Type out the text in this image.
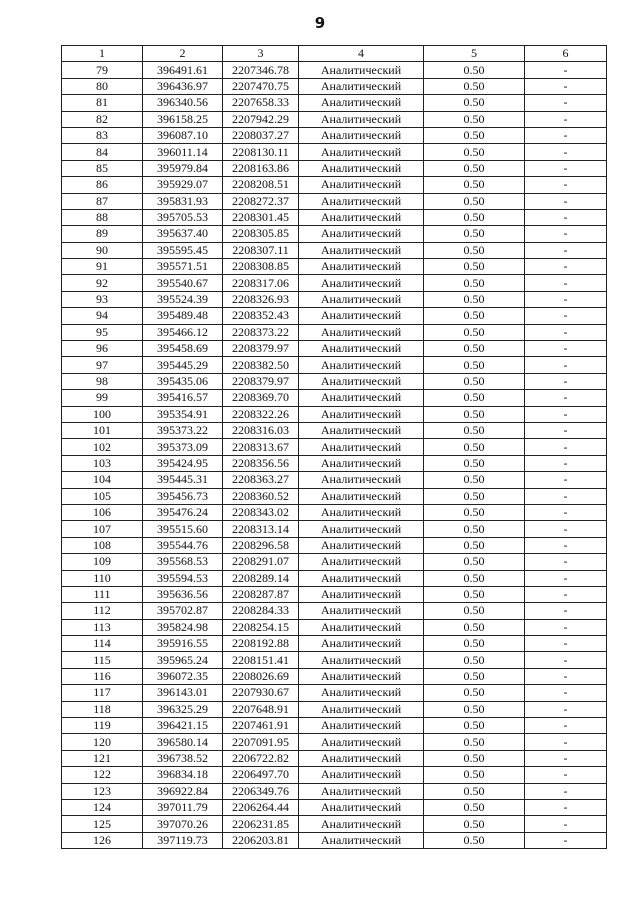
9
1	2	3	4	5	6
79	396491.61	2207346.78	Аналитический	0.50	-
80	396436.97	2207470.75	Аналитический	0.50	-
81	396340.56	2207658.33	Аналитический	0.50	-
82	396158.25	2207942.29	Аналитический	0.50	-
83	396087.10	2208037.27	Аналитический	0.50	-
84	396011.14	2208130.11	Аналитический	0.50	-
85	395979.84	2208163.86	Аналитический	0.50	-
86	395929.07	2208208.51	Аналитический	0.50	-
87	395831.93	2208272.37	Аналитический	0.50	-
88	395705.53	2208301.45	Аналитический	0.50	-
89	395637.40	2208305.85	Аналитический	0.50	-
90	395595.45	2208307.11	Аналитический	0.50	-
91	395571.51	2208308.85	Аналитический	0.50	-
92	395540.67	2208317.06	Аналитический	0.50	-
93	395524.39	2208326.93	Аналитический	0.50	-
94	395489.48	2208352.43	Аналитический	0.50	-
95	395466.12	2208373.22	Аналитический	0.50	-
96	395458.69	2208379.97	Аналитический	0.50	-
97	395445.29	2208382.50	Аналитический	0.50	-
98	395435.06	2208379.97	Аналитический	0.50	-
99	395416.57	2208369.70	Аналитический	0.50	-
100	395354.91	2208322.26	Аналитический	0.50	-
101	395373.22	2208316.03	Аналитический	0.50	-
102	395373.09	2208313.67	Аналитический	0.50	-
103	395424.95	2208356.56	Аналитический	0.50	-
104	395445.31	2208363.27	Аналитический	0.50	-
105	395456.73	2208360.52	Аналитический	0.50	-
106	395476.24	2208343.02	Аналитический	0.50	-
107	395515.60	2208313.14	Аналитический	0.50	-
108	395544.76	2208296.58	Аналитический	0.50	-
109	395568.53	2208291.07	Аналитический	0.50	-
110	395594.53	2208289.14	Аналитический	0.50	-
111	395636.56	2208287.87	Аналитический	0.50	-
112	395702.87	2208284.33	Аналитический	0.50	-
113	395824.98	2208254.15	Аналитический	0.50	-
114	395916.55	2208192.88	Аналитический	0.50	-
115	395965.24	2208151.41	Аналитический	0.50	-
116	396072.35	2208026.69	Аналитический	0.50	-
117	396143.01	2207930.67	Аналитический	0.50	-
118	396325.29	2207648.91	Аналитический	0.50	-
119	396421.15	2207461.91	Аналитический	0.50	-
120	396580.14	2207091.95	Аналитический	0.50	-
121	396738.52	2206722.82	Аналитический	0.50	-
122	396834.18	2206497.70	Аналитический	0.50	-
123	396922.84	2206349.76	Аналитический	0.50	-
124	397011.79	2206264.44	Аналитический	0.50	-
125	397070.26	2206231.85	Аналитический	0.50	-
126	397119.73	2206203.81	Аналитический	0.50	-
